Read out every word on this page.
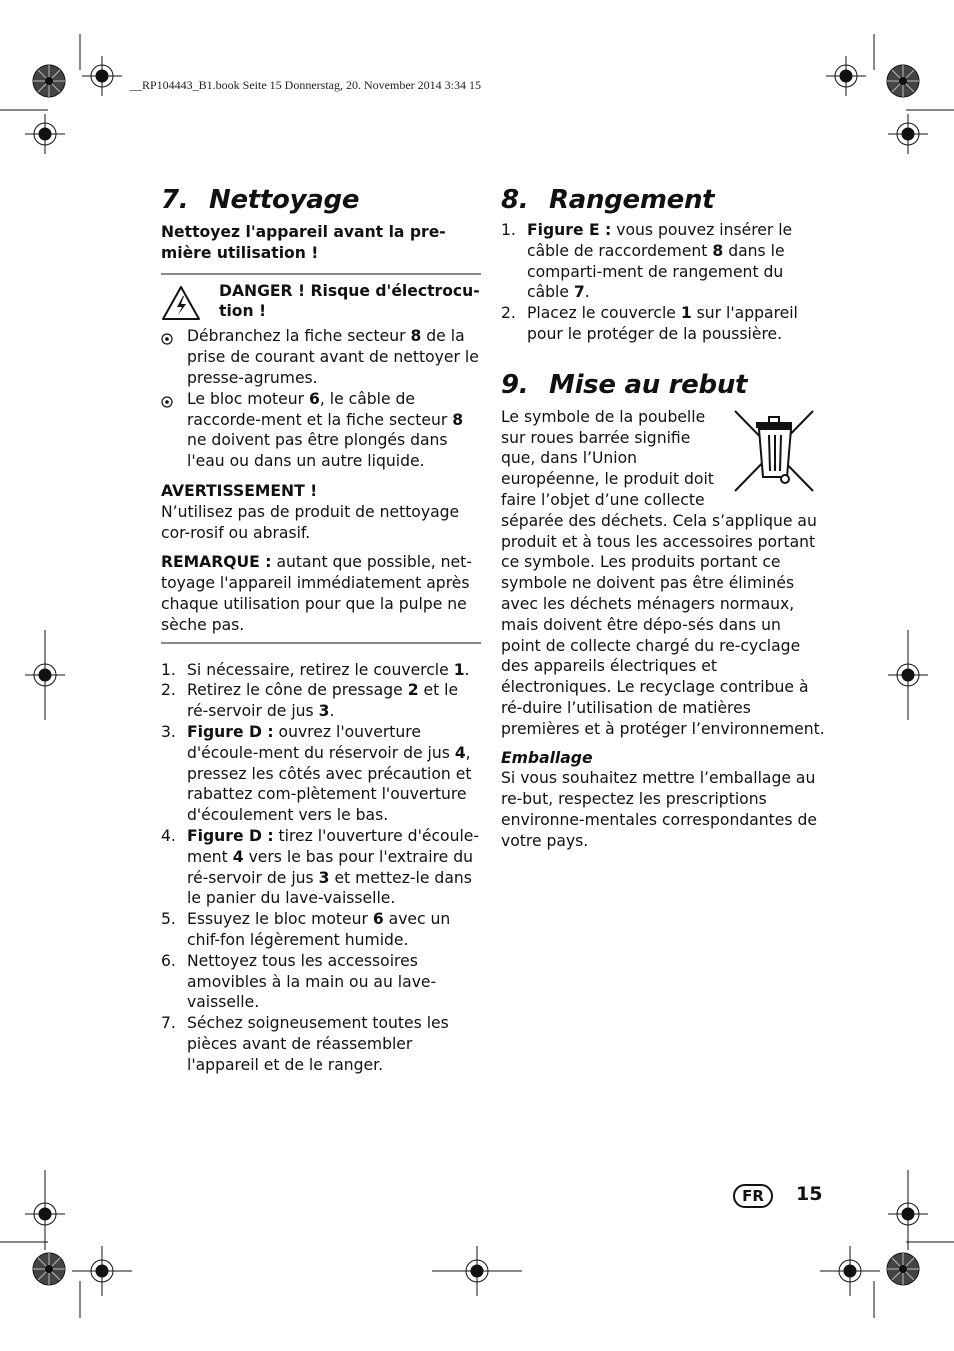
__RP104443_B1.book Seite 15 Donnerstag, 20. November 2014 3:34 15
7. Nettoyage

Nettoyez l'appareil avant la pre-mière utilisation !

DANGER ! Risque d'électrocu-tion !
Débranchez la fiche secteur 8 de la prise de courant avant de nettoyer le presse-agrumes.
Le bloc moteur 6, le câble de raccorde-ment et la fiche secteur 8 ne doivent pas être plongés dans l'eau ou dans un autre liquide.

AVERTISSEMENT !

N’utilisez pas de produit de nettoyage cor-rosif ou abrasif.

REMARQUE : autant que possible, net-toyage l'appareil immédiatement après chaque utilisation pour que la pulpe ne sèche pas.

1. Si nécessaire, retirez le couvercle 1.
2. Retirez le cône de pressage 2 et le ré-servoir de jus 3.
3. Figure D : ouvrez l'ouverture d'écoule-ment du réservoir de jus 4, pressez les côtés avec précaution et rabattez com-plètement l'ouverture d'écoulement vers le bas.
4. Figure D : tirez l'ouverture d'écoule-ment 4 vers le bas pour l'extraire du ré-servoir de jus 3 et mettez-le dans le panier du lave-vaisselle.
5. Essuyez le bloc moteur 6 avec un chif-fon légèrement humide.
6. Nettoyez tous les accessoires amovibles à la main ou au lave-vaisselle.
7. Séchez soigneusement toutes les pièces avant de réassembler l'appareil et de le ranger.
8. Rangement
1. Figure E : vous pouvez insérer le câble de raccordement 8 dans le comparti-ment de rangement du câble 7.
2. Placez le couvercle 1 sur l'appareil pour le protéger de la poussière.
9. Mise au rebut

Le symbole de la poubelle sur roues barrée signifie que, dans l’Union européenne, le produit doit faire l’objet d’une collecte séparée des déchets. Cela s’applique au produit et à tous les accessoires portant ce symbole. Les produits portant ce symbole ne doivent pas être éliminés avec les déchets ménagers normaux, mais doivent être dépo-sés dans un point de collecte chargé du re-cyclage des appareils électriques et électroniques. Le recyclage contribue à ré-duire l’utilisation de matières premières et à protéger l’environnement.

Emballage

Si vous souhaitez mettre l’emballage au re-but, respectez les prescriptions environne-mentales correspondantes de votre pays.

FR	15
